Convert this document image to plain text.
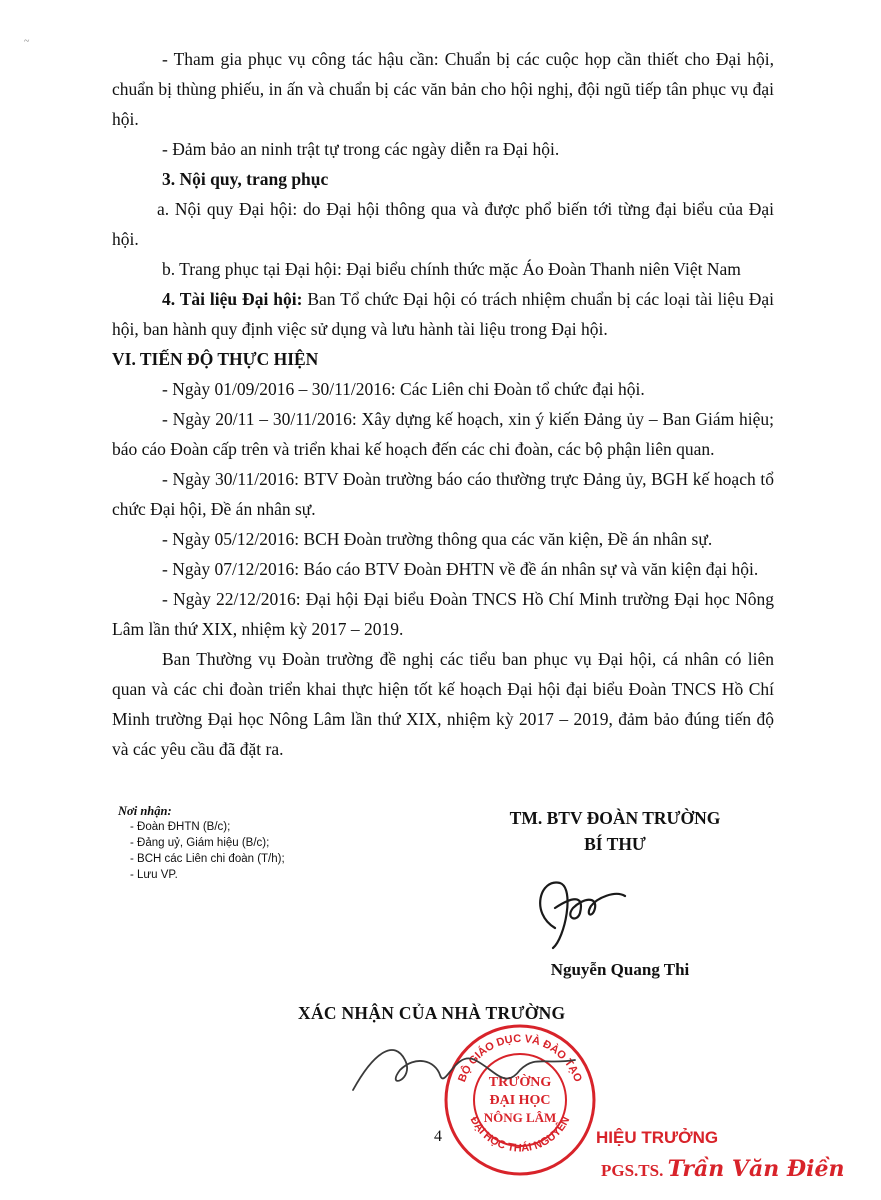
~

- Tham gia phục vụ công tác hậu cần: Chuẩn bị các cuộc họp cần thiết cho Đại hội, chuẩn bị thùng phiếu, in ấn và chuẩn bị các văn bản cho hội nghị, đội ngũ tiếp tân phục vụ đại hội.

- Đảm bảo an ninh trật tự trong các ngày diễn ra Đại hội.

3. Nội quy, trang phục

a. Nội quy Đại hội: do Đại hội thông qua và được phổ biến tới từng đại biểu của Đại hội.

b. Trang phục tại Đại hội: Đại biểu chính thức mặc Áo Đoàn Thanh niên Việt Nam

4. Tài liệu Đại hội: Ban Tổ chức Đại hội có trách nhiệm chuẩn bị các loại tài liệu Đại hội, ban hành quy định việc sử dụng và lưu hành tài liệu trong Đại hội.

VI. TIẾN ĐỘ THỰC HIỆN

- Ngày 01/09/2016 – 30/11/2016: Các Liên chi Đoàn tổ chức đại hội.

- Ngày 20/11 – 30/11/2016: Xây dựng kế hoạch, xin ý kiến Đảng ủy – Ban Giám hiệu; báo cáo Đoàn cấp trên và triển khai kế hoạch đến các chi đoàn, các bộ phận liên quan.

- Ngày 30/11/2016: BTV Đoàn trường báo cáo thường trực Đảng ủy, BGH kế hoạch tổ chức Đại hội, Đề án nhân sự.

- Ngày 05/12/2016: BCH Đoàn trường thông qua các văn kiện, Đề án nhân sự.

- Ngày 07/12/2016: Báo cáo BTV Đoàn ĐHTN về đề án nhân sự và văn kiện đại hội.

- Ngày 22/12/2016: Đại hội Đại biểu Đoàn TNCS Hồ Chí Minh trường Đại học Nông Lâm lần thứ XIX, nhiệm kỳ 2017 – 2019.

Ban Thường vụ Đoàn trường đề nghị các tiểu ban phục vụ Đại hội, cá nhân có liên quan và các chi đoàn triển khai thực hiện tốt kế hoạch Đại hội đại biểu Đoàn TNCS Hồ Chí Minh trường Đại học Nông Lâm lần thứ XIX, nhiệm kỳ 2017 – 2019, đảm bảo đúng tiến độ và các yêu cầu đã đặt ra.

Nơi nhận:
- Đoàn ĐHTN (B/c);
- Đảng uỷ, Giám hiệu (B/c);
- BCH các Liên chi đoàn (T/h);
- Lưu VP.
TM. BTV ĐOÀN TRƯỜNG
BÍ THƯ
Nguyễn Quang Thi
XÁC NHẬN CỦA NHÀ TRƯỜNG
BỘ GIÁO DỤC VÀ ĐÀO TẠO
ĐẠI HỌC THÁI NGUYÊN
TRƯỜNG
ĐẠI HỌC
NÔNG LÂM
4	HIỆU TRƯỞNG
PGS.TS. Trần Văn Điền
